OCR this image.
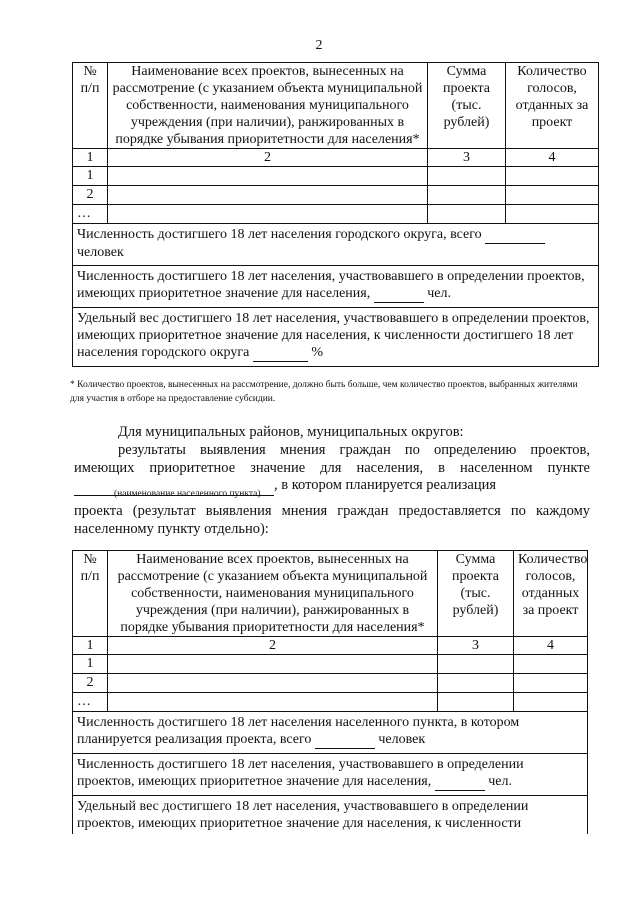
2
№ п/п	Наименование всех проектов, вынесенных на рассмотрение (с указанием объекта муниципальной собственности, наименования муниципального учреждения (при наличии), ранжированных в порядке убывания приоритетности для населения*	Сумма проекта (тыс. рублей)	Количество голосов, отданных за проект
1	2	3	4
1			
2			
…			
Численность достигшего 18 лет населения городского округа, всего
человек			
Численность достигшего 18 лет населения, участвовавшего в определении проектов, имеющих приоритетное значение для населения, чел.			
Удельный вес достигшего 18 лет населения, участвовавшего в определении проектов, имеющих приоритетное значение для населения, к численности достигшего 18 лет населения городского округа %			
* Количество проектов, вынесенных на рассмотрение, должно быть больше, чем количество проектов, выбранных жителями для участия в отборе на предоставление субсидии.
Для муниципальных районов, муниципальных округов:
результаты выявления мнения граждан по определению проектов, имеющих приоритетное значение для населения, в населенном пункте  , в котором планируется реализация
(наименование населенного пункта)
проекта (результат выявления мнения граждан предоставляется по каждому населенному пункту отдельно):
№ п/п	Наименование всех проектов, вынесенных на рассмотрение (с указанием объекта муниципальной собственности, наименования муниципального учреждения (при наличии), ранжированных в порядке убывания приоритетности для населения*	Сумма проекта (тыс. рублей)	Количество голосов, отданных за проект
1	2	3	4
1			
2			
…			
Численность достигшего 18 лет населения населенного пункта, в котором планируется реализация проекта, всего человек			
Численность достигшего 18 лет населения, участвовавшего в определении проектов, имеющих приоритетное значение для населения, чел.			
Удельный вес достигшего 18 лет населения, участвовавшего в определении проектов, имеющих приоритетное значение для населения, к численности			
